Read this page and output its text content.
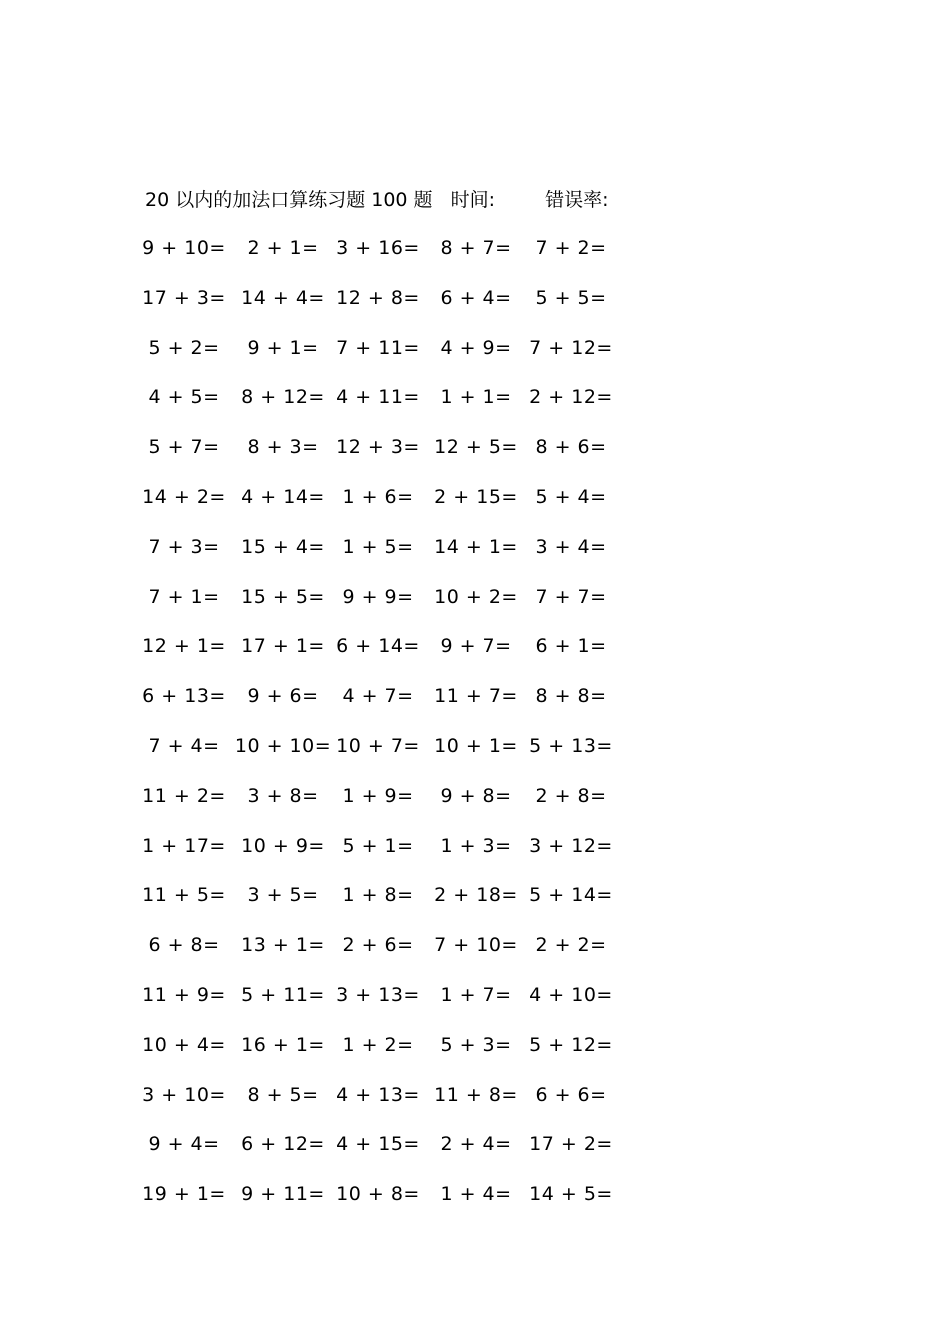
20 以内的加法口算练习题 100 题 时间:	错误率:
9 + 10= 2 + 1= 3 + 16= 8 + 7= 7 + 2=
17 + 3= 14 + 4= 12 + 8= 6 + 4= 5 + 5=
5 + 2= 9 + 1= 7 + 11= 4 + 9= 7 + 12=
4 + 5= 8 + 12= 4 + 11= 1 + 1= 2 + 12=
5 + 7= 8 + 3= 12 + 3= 12 + 5= 8 + 6=
14 + 2= 4 + 14= 1 + 6= 2 + 15= 5 + 4=
7 + 3= 15 + 4= 1 + 5= 14 + 1= 3 + 4=
7 + 1= 15 + 5= 9 + 9= 10 + 2= 7 + 7=
12 + 1= 17 + 1= 6 + 14= 9 + 7= 6 + 1=
6 + 13= 9 + 6= 4 + 7= 11 + 7= 8 + 8=
7 + 4= 10 + 10= 10 + 7= 10 + 1= 5 + 13=
11 + 2= 3 + 8= 1 + 9= 9 + 8= 2 + 8=
1 + 17= 10 + 9= 5 + 1= 1 + 3= 3 + 12=
11 + 5= 3 + 5= 1 + 8= 2 + 18= 5 + 14=
6 + 8= 13 + 1= 2 + 6= 7 + 10= 2 + 2=
11 + 9= 5 + 11= 3 + 13= 1 + 7= 4 + 10=
10 + 4= 16 + 1= 1 + 2= 5 + 3= 5 + 12=
3 + 10= 8 + 5= 4 + 13= 11 + 8= 6 + 6=
9 + 4= 6 + 12= 4 + 15= 2 + 4= 17 + 2=
19 + 1= 9 + 11= 10 + 8= 1 + 4= 14 + 5=
